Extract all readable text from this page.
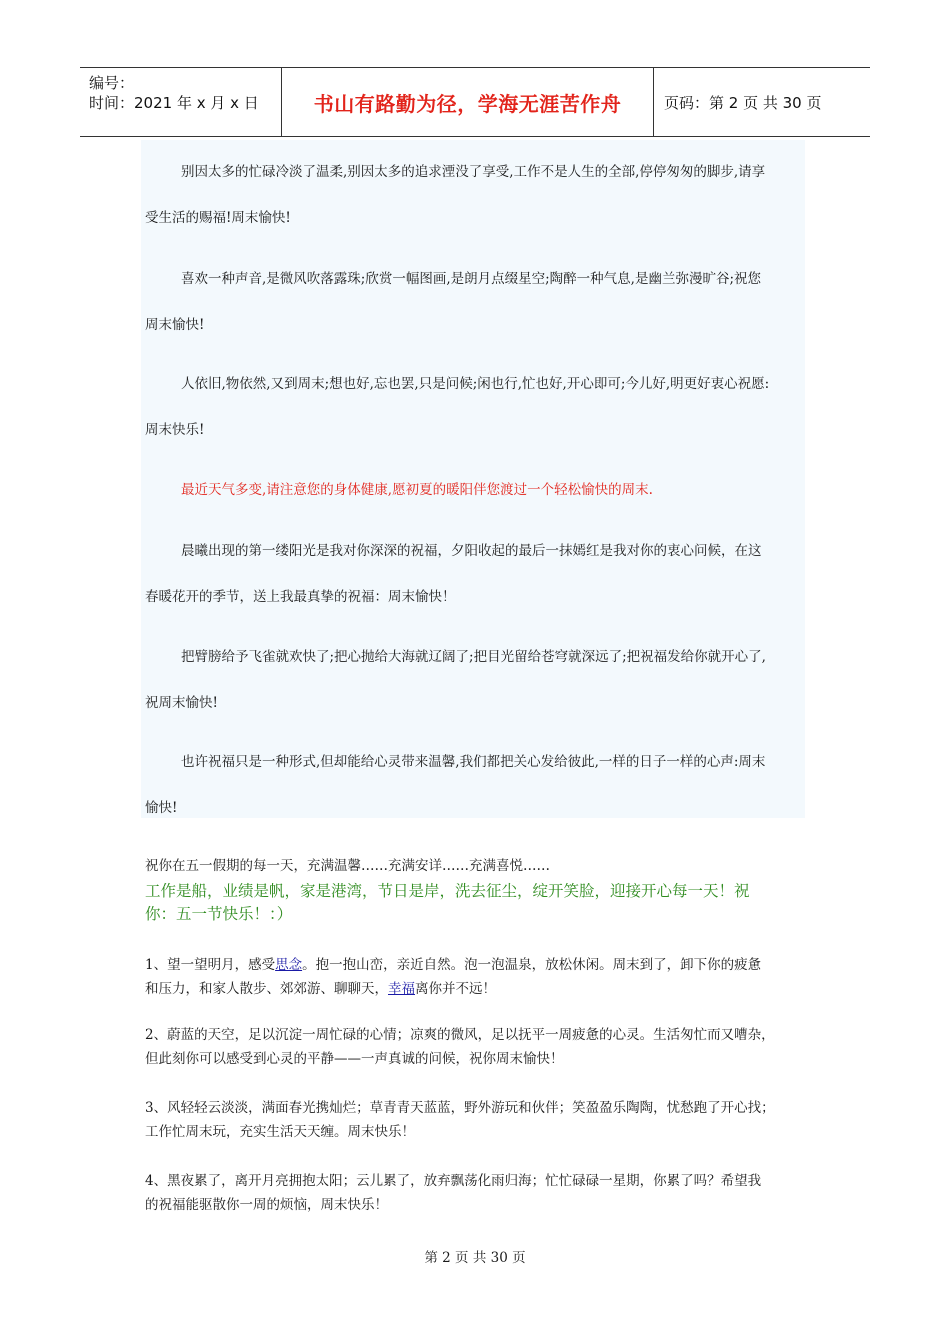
编号：
时间：2021 年 x 月 x 日	书山有路勤为径，学海无涯苦作舟	页码：第 2 页 共 30 页
别因太多的忙碌冷淡了温柔,别因太多的追求湮没了享受,工作不是人生的全部,停停匆匆的脚步,请享
受生活的赐福!周末愉快!
喜欢一种声音,是微风吹落露珠;欣赏一幅图画,是朗月点缀星空;陶醉一种气息,是幽兰弥漫旷谷;祝您
周末愉快!
人依旧,物依然,又到周末;想也好,忘也罢,只是问候;闲也行,忙也好,开心即可;今儿好,明更好衷心祝愿:
周末快乐!
最近天气多变,请注意您的身体健康,愿初夏的暖阳伴您渡过一个轻松愉快的周末.
晨曦出现的第一缕阳光是我对你深深的祝福，夕阳收起的最后一抹嫣红是我对你的衷心问候，在这
春暖花开的季节，送上我最真挚的祝福：周末愉快！
把臂膀给予飞雀就欢快了;把心抛给大海就辽阔了;把目光留给苍穹就深远了;把祝福发给你就开心了,
祝周末愉快!
也许祝福只是一种形式,但却能给心灵带来温馨,我们都把关心发给彼此,一样的日子一样的心声:周末
愉快!
祝你在五一假期的每一天，充满温馨……充满安详……充满喜悦……
工作是船，业绩是帆，家是港湾，节日是岸，洗去征尘，绽开笑脸，迎接开心每一天！祝
你：五一节快乐！：）
1、望一望明月，感受思念。抱一抱山峦，亲近自然。泡一泡温泉，放松休闲。周末到了，卸下你的疲惫
和压力，和家人散步、郊郊游、聊聊天，幸福离你并不远！
2、蔚蓝的天空，足以沉淀一周忙碌的心情；凉爽的微风，足以抚平一周疲惫的心灵。生活匆忙而又嘈杂，
但此刻你可以感受到心灵的平静——一声真诚的问候，祝你周末愉快！
3、风轻轻云淡淡，满面春光携灿烂；草青青天蓝蓝，野外游玩和伙伴；笑盈盈乐陶陶，忧愁跑了开心找；
工作忙周末玩，充实生活天天缠。周末快乐！
4、黑夜累了，离开月亮拥抱太阳；云儿累了，放弃飘荡化雨归海；忙忙碌碌一星期，你累了吗？希望我
的祝福能驱散你一周的烦恼，周末快乐！
第 2 页 共 30 页
